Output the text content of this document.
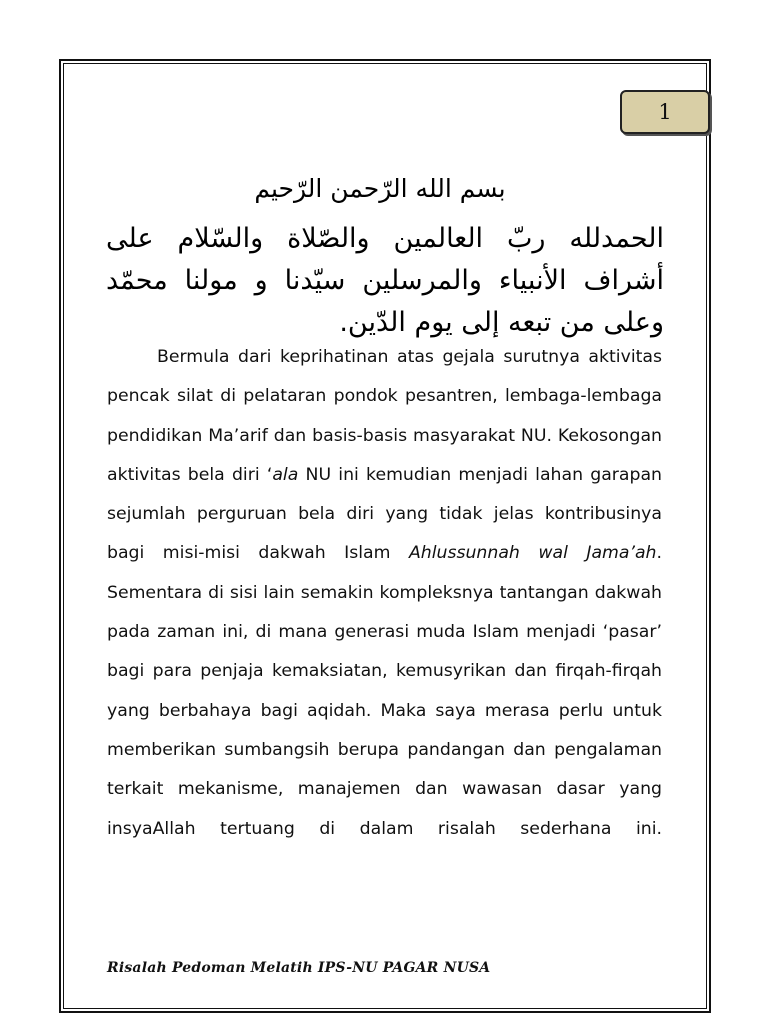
1
بسم الله الرّحمن الرّحيم
الحمدلله ربّ العالمين والصّلاة والسّلام على أشراف الأنبياء والمرسلين سيّدنا و مولنا محمّد وعلى من تبعه إلى يوم الدّين.

Bermula dari keprihatinan atas gejala surutnya aktivitas pencak silat di pelataran pondok pesantren, lembaga-lembaga pendidikan Ma’arif dan basis-basis masyarakat NU. Kekosongan aktivitas bela diri ‘ala NU ini kemudian menjadi lahan garapan sejumlah perguruan bela diri yang tidak jelas kontribusinya bagi misi-misi dakwah Islam Ahlussunnah wal Jama’ah. Sementara di sisi lain semakin kompleksnya tantangan dakwah pada zaman ini, di mana generasi muda Islam menjadi ‘pasar’ bagi para penjaja kemaksiatan, kemusyrikan dan firqah-firqah yang berbahaya bagi aqidah. Maka saya merasa perlu untuk memberikan sumbangsih berupa pandangan dan pengalaman terkait mekanisme, manajemen dan wawasan dasar yang insyaAllah tertuang di dalam risalah sederhana ini.

Risalah Pedoman Melatih IPS-NU PAGAR NUSA
